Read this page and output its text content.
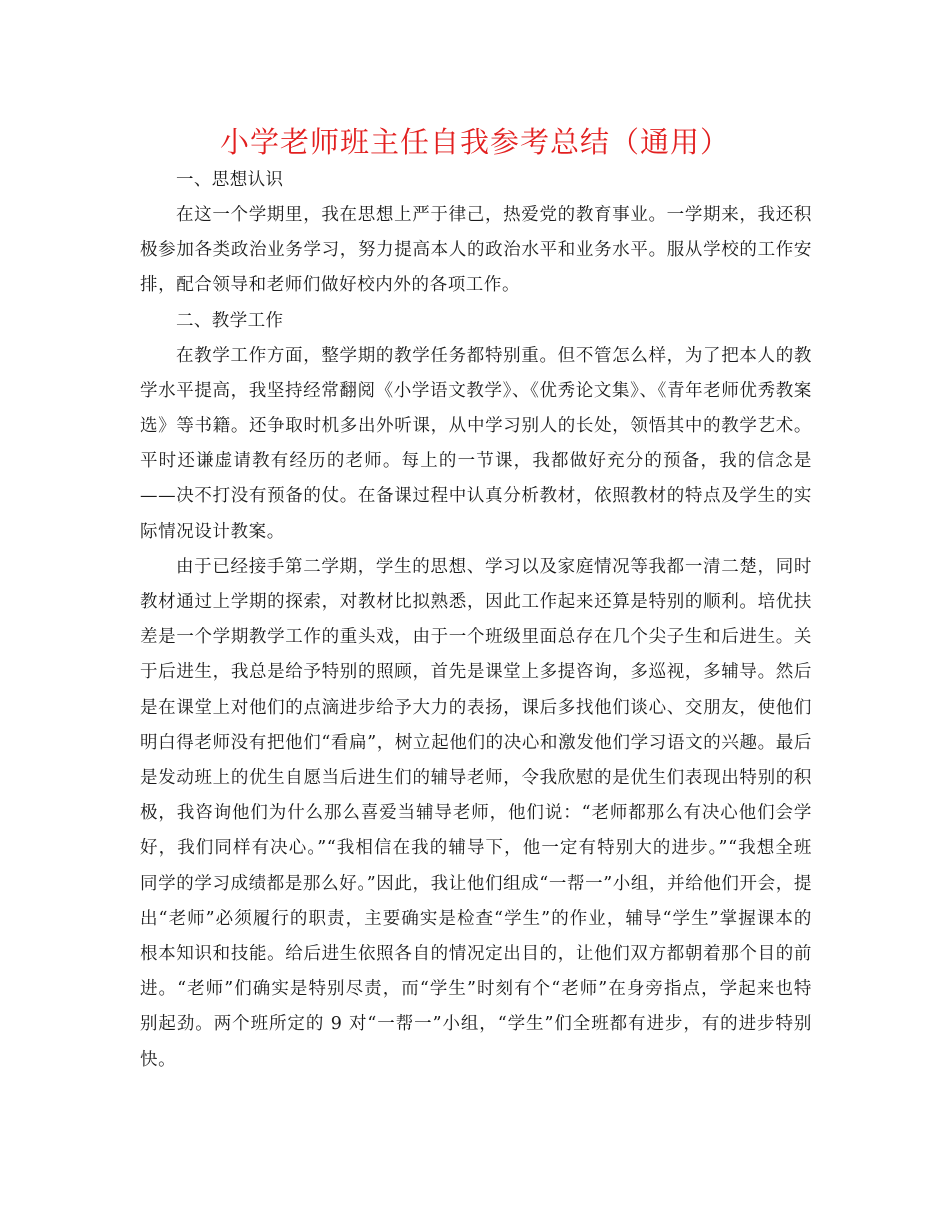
小学老师班主任自我参考总结（通用）

一、思想认识

在这一个学期里，我在思想上严于律己，热爱党的教育事业。一学期来，我还积极参加各类政治业务学习，努力提高本人的政治水平和业务水平。服从学校的工作安排，配合领导和老师们做好校内外的各项工作。

二、教学工作

在教学工作方面，整学期的教学任务都特别重。但不管怎么样，为了把本人的教学水平提高，我坚持经常翻阅《小学语文教学》、《优秀论文集》、《青年老师优秀教案选》等书籍。还争取时机多出外听课，从中学习别人的长处，领悟其中的教学艺术。平时还谦虚请教有经历的老师。每上的一节课，我都做好充分的预备，我的信念是——决不打没有预备的仗。在备课过程中认真分析教材，依照教材的特点及学生的实际情况设计教案。

由于已经接手第二学期，学生的思想、学习以及家庭情况等我都一清二楚，同时教材通过上学期的探索，对教材比拟熟悉，因此工作起来还算是特别的顺利。培优扶差是一个学期教学工作的重头戏，由于一个班级里面总存在几个尖子生和后进生。关于后进生，我总是给予特别的照顾，首先是课堂上多提咨询，多巡视，多辅导。然后是在课堂上对他们的点滴进步给予大力的表扬，课后多找他们谈心、交朋友，使他们明白得老师没有把他们“看扁”，树立起他们的决心和激发他们学习语文的兴趣。最后是发动班上的优生自愿当后进生们的辅导老师，令我欣慰的是优生们表现出特别的积极，我咨询他们为什么那么喜爱当辅导老师，他们说：“老师都那么有决心他们会学好，我们同样有决心。”“我相信在我的辅导下，他一定有特别大的进步。”“我想全班同学的学习成绩都是那么好。”因此，我让他们组成“一帮一”小组，并给他们开会，提出“老师”必须履行的职责，主要确实是检查“学生”的作业，辅导“学生”掌握课本的根本知识和技能。给后进生依照各自的情况定出目的，让他们双方都朝着那个目的前进。“老师”们确实是特别尽责，而“学生”时刻有个“老师”在身旁指点，学起来也特别起劲。两个班所定的 9 对“一帮一”小组，“学生”们全班都有进步，有的进步特别快。
